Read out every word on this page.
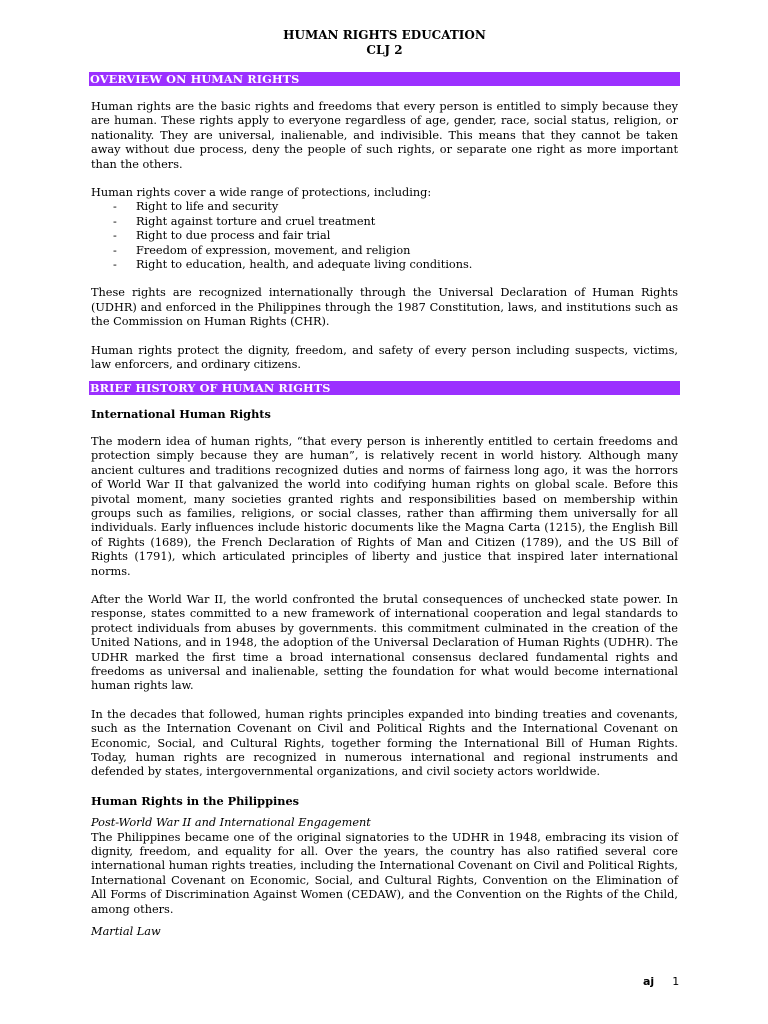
HUMAN RIGHTS EDUCATION
CLJ 2
OVERVIEW ON HUMAN RIGHTS

Human rights are the basic rights and freedoms that every person is entitled to simply because they are human. These rights apply to everyone regardless of age, gender, race, social status, religion, or nationality. They are universal, inalienable, and indivisible. This means that they cannot be taken away without due process, deny the people of such rights, or separate one right as more important than the others.

Human rights cover a wide range of protections, including:

- Right to life and security
- Right against torture and cruel treatment
- Right to due process and fair trial
- Freedom of expression, movement, and religion
- Right to education, health, and adequate living conditions.

These rights are recognized internationally through the Universal Declaration of Human Rights (UDHR) and enforced in the Philippines through the 1987 Constitution, laws, and institutions such as the Commission on Human Rights (CHR).

Human rights protect the dignity, freedom, and safety of every person including suspects, victims, law enforcers, and ordinary citizens.

BRIEF HISTORY OF HUMAN RIGHTS
International Human Rights

The modern idea of human rights, “that every person is inherently entitled to certain freedoms and protection simply because they are human”, is relatively recent in world history. Although many ancient cultures and traditions recognized duties and norms of fairness long ago, it was the horrors of World War II that galvanized the world into codifying human rights on global scale. Before this pivotal moment, many societies granted rights and responsibilities based on membership within groups such as families, religions, or social classes, rather than affirming them universally for all individuals. Early influences include historic documents like the Magna Carta (1215), the English Bill of Rights (1689), the French Declaration of Rights of Man and Citizen (1789), and the US Bill of Rights (1791), which articulated principles of liberty and justice that inspired later international norms.

After the World War II, the world confronted the brutal consequences of unchecked state power. In response, states committed to a new framework of international cooperation and legal standards to protect individuals from abuses by governments. this commitment culminated in the creation of the United Nations, and in 1948, the adoption of the Universal Declaration of Human Rights (UDHR). The UDHR marked the first time a broad international consensus declared fundamental rights and freedoms as universal and inalienable, setting the foundation for what would become international human rights law.

In the decades that followed, human rights principles expanded into binding treaties and covenants, such as the Internation Covenant on Civil and Political Rights and the International Covenant on Economic, Social, and Cultural Rights, together forming the International Bill of Human Rights. Today, human rights are recognized in numerous international and regional instruments and defended by states, intergovernmental organizations, and civil society actors worldwide.

Human Rights in the Philippines
Post-World War II and International Engagement

The Philippines became one of the original signatories to the UDHR in 1948, embracing its vision of dignity, freedom, and equality for all. Over the years, the country has also ratified several core international human rights treaties, including the International Covenant on Civil and Political Rights, International Covenant on Economic, Social, and Cultural Rights, Convention on the Elimination of All Forms of Discrimination Against Women (CEDAW), and the Convention on the Rights of the Child, among others.

Martial Law
aj 1
